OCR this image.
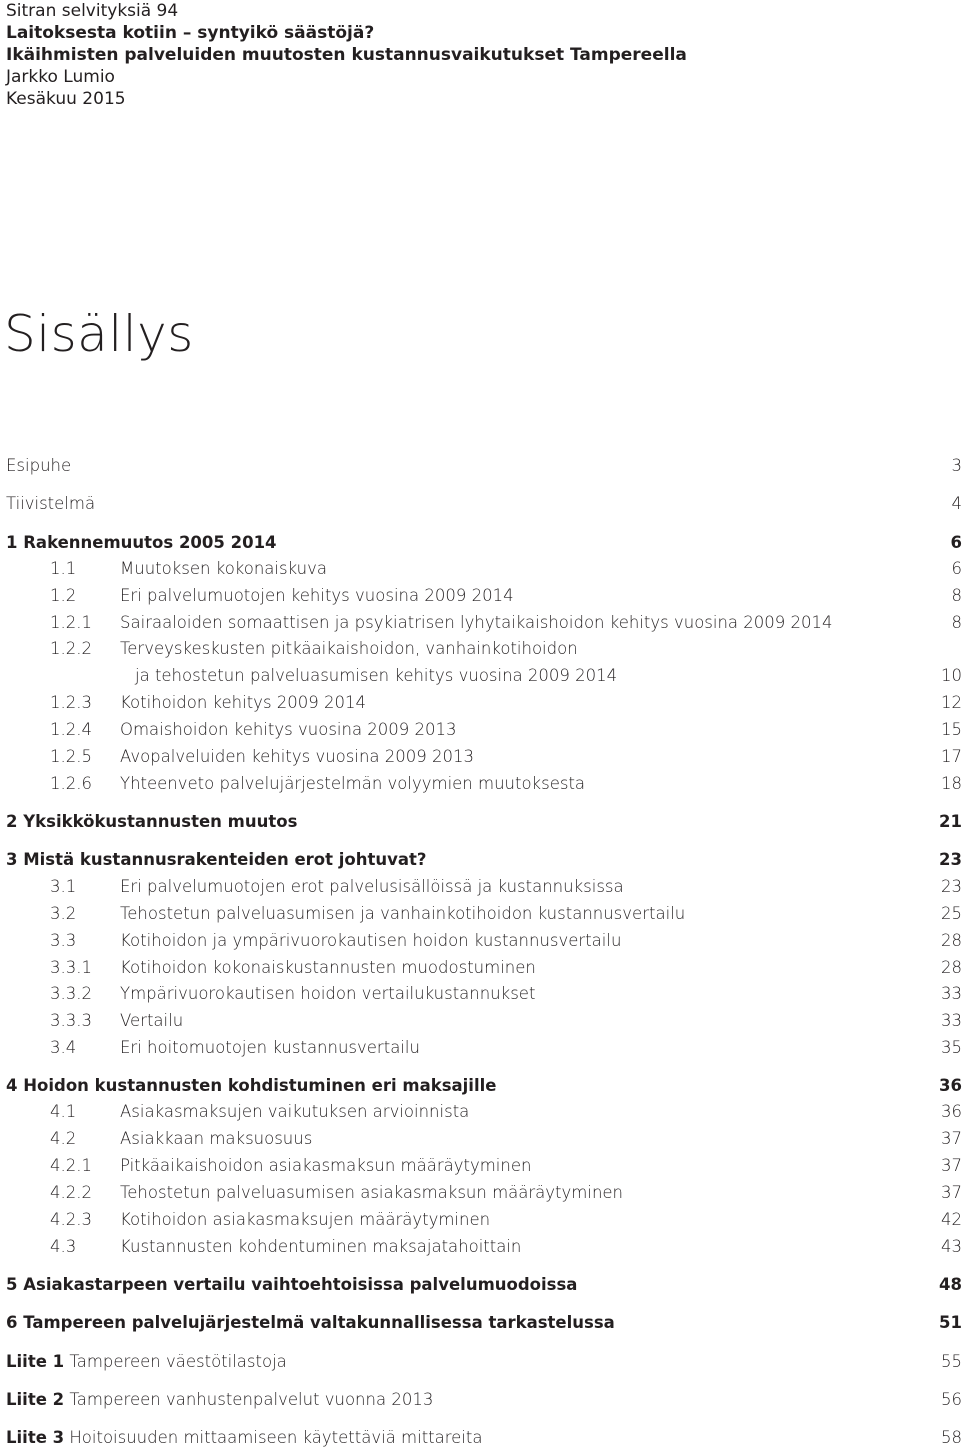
Sitran selvityksiä 94
Laitoksesta kotiin – syntyikö säästöjä?
Ikäihmisten palveluiden muutosten kustannusvaikutukset Tampereella
Jarkko Lumio
Kesäkuu 2015
Sisällys
Esipuhe	3
Tiivistelmä	4
1 Rakennemuutos 2005 2014	6
1.1	Muutoksen kokonaiskuva	6
1.2	Eri palvelumuotojen kehitys vuosina 2009 2014	8
1.2.1 Sairaaloiden somaattisen ja psykiatrisen lyhytaikaishoidon kehitys vuosina 2009 2014	8
1.2.2 Terveyskeskusten pitkäaikaishoidon, vanhainkotihoidon
ja tehostetun palveluasumisen kehitys vuosina 2009 2014	10
1.2.3 Kotihoidon kehitys 2009 2014	12
1.2.4 Omaishoidon kehitys vuosina 2009 2013	15
1.2.5 Avopalveluiden kehitys vuosina 2009 2013	17
1.2.6 Yhteenveto palvelujärjestelmän volyymien muutoksesta	18
2 Yksikkökustannusten muutos	21
3 Mistä kustannusrakenteiden erot johtuvat?	23
3.1	Eri palvelumuotojen erot palvelusisällöissä ja kustannuksissa	23
3.2	Tehostetun palveluasumisen ja vanhainkotihoidon kustannusvertailu	25
3.3	Kotihoidon ja ympärivuorokautisen hoidon kustannusvertailu	28
3.3.1 Kotihoidon kokonaiskustannusten muodostuminen	28
3.3.2 Ympärivuorokautisen hoidon vertailukustannukset	33
3.3.3 Vertailu	33
3.4	Eri hoitomuotojen kustannusvertailu	35
4 Hoidon kustannusten kohdistuminen eri maksajille	36
4.1	Asiakasmaksujen vaikutuksen arvioinnista	36
4.2	Asiakkaan maksuosuus	37
4.2.1 Pitkäaikaishoidon asiakasmaksun määräytyminen	37
4.2.2 Tehostetun palveluasumisen asiakasmaksun määräytyminen	37
4.2.3 Kotihoidon asiakasmaksujen määräytyminen	42
4.3	Kustannusten kohdentuminen maksajatahoittain	43
5 Asiakastarpeen vertailu vaihtoehtoisissa palvelumuodoissa	48
6 Tampereen palvelujärjestelmä valtakunnallisessa tarkastelussa	51
Liite 1 Tampereen väestötilastoja	55
Liite 2 Tampereen vanhustenpalvelut vuonna 2013	56
Liite 3 Hoitoisuuden mittaamiseen käytettäviä mittareita	58
